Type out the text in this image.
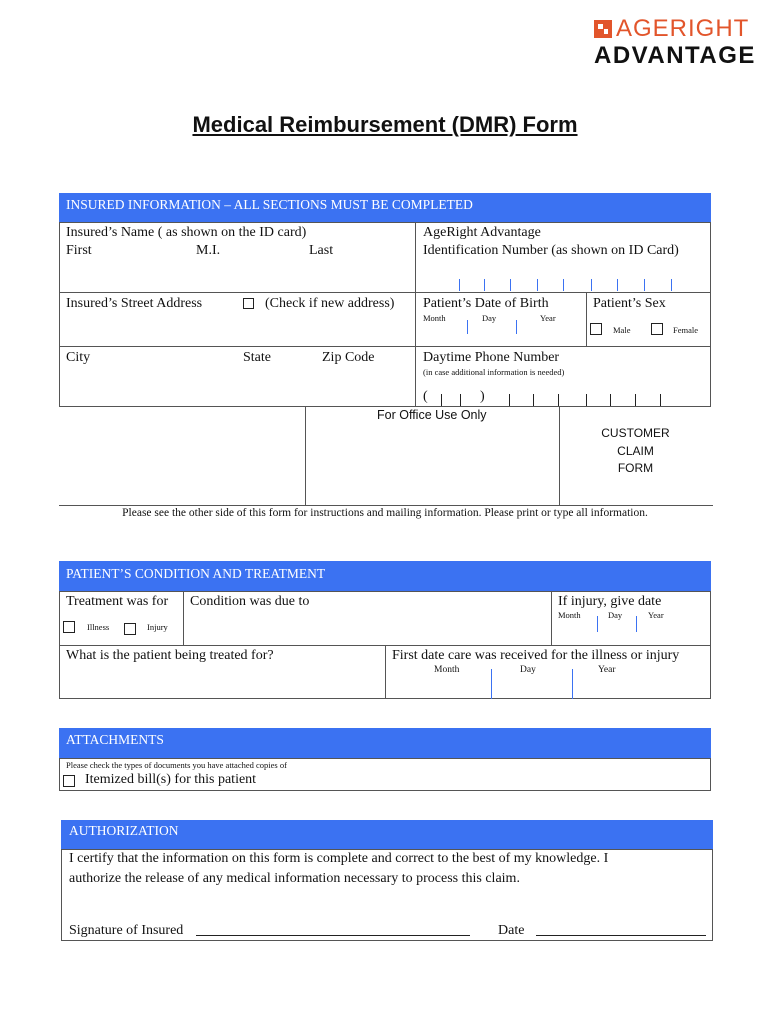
AGERIGHT
ADVANTAGE
Medical Reimbursement (DMR) Form
INSURED INFORMATION – ALL SECTIONS MUST BE COMPLETED
Insured’s Name ( as shown on the ID card)
First	M.I.	Last
AgeRight Advantage
Identification Number (as shown on ID Card)
Insured’s Street Address	(Check if new address) Patient’s Date of Birth
Month	Day	Year
Patient’s Sex
Male	Female
City	State	Zip Code	Daytime Phone Number
(in case additional information is needed)
(	)
For Office Use Only
CUSTOMER
CLAIM
FORM
Please see the other side of this form for instructions and mailing information. Please print or type all information.
PATIENT’S CONDITION AND TREATMENT
Treatment was for
Illness	Injury
Condition was due to	If injury, give date
Month	Day	Year
What is the patient being treated for?	First date care was received for the illness or injury
Month	Day	Year
ATTACHMENTS
Please check the types of documents you have attached copies of
Itemized bill(s) for this patient
AUTHORIZATION
I certify that the information on this form is complete and correct to the best of my knowledge. I
authorize the release of any medical information necessary to process this claim.
Signature of Insured	Date
